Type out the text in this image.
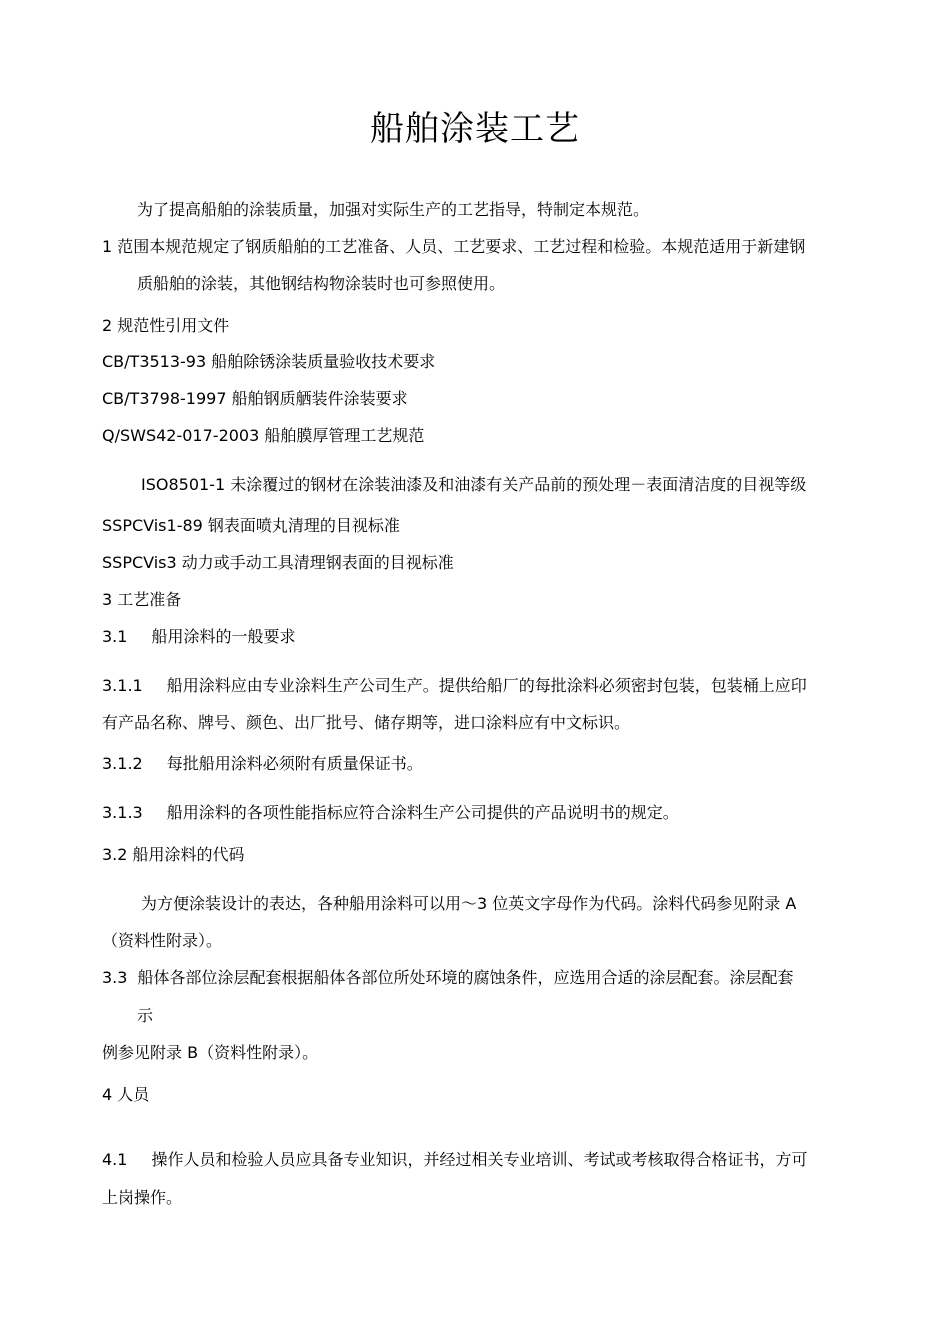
船舶涂装工艺
为了提高船舶的涂装质量，加强对实际生产的工艺指导，特制定本规范。
1 范围本规范规定了钢质船舶的工艺准备、人员、工艺要求、工艺过程和检验。本规范适用于新建钢
质船舶的涂装，其他钢结构物涂装时也可参照使用。
2 规范性引用文件
CB/T3513-93 船舶除锈涂装质量验收技术要求
CB/T3798-1997 船舶钢质舾装件涂装要求
Q/SWS42-017-2003 船舶膜厚管理工艺规范
ISO8501-1 未涂覆过的钢材在涂装油漆及和油漆有关产品前的预处理－表面清洁度的目视等级
SSPCVis1-89 钢表面喷丸清理的目视标准
SSPCVis3 动力或手动工具清理钢表面的目视标准
3 工艺准备
3.1 船用涂料的一般要求
3.1.1 船用涂料应由专业涂料生产公司生产。提供给船厂的每批涂料必须密封包装，包装桶上应印
有产品名称、牌号、颜色、出厂批号、储存期等，进口涂料应有中文标识。
3.1.2 每批船用涂料必须附有质量保证书。
3.1.3 船用涂料的各项性能指标应符合涂料生产公司提供的产品说明书的规定。
3.2 船用涂料的代码
为方便涂装设计的表达，各种船用涂料可以用～3 位英文字母作为代码。涂料代码参见附录 A
（资料性附录）。
3.3 船体各部位涂层配套根据船体各部位所处环境的腐蚀条件，应选用合适的涂层配套。涂层配套
示
例参见附录 B（资料性附录）。
4 人员
4.1 操作人员和检验人员应具备专业知识，并经过相关专业培训、考试或考核取得合格证书，方可
上岗操作。
